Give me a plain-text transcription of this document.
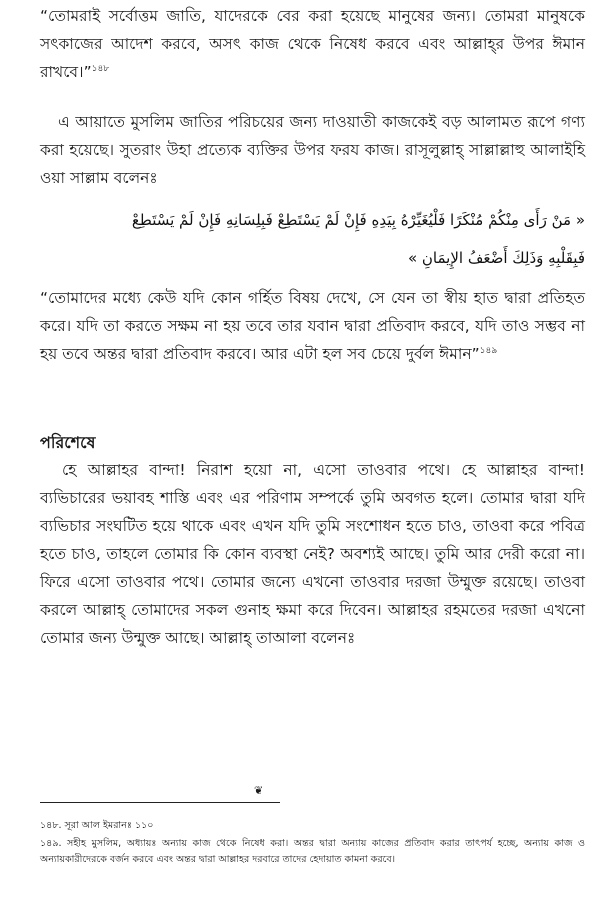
“তোমরাই সর্বোত্তম জাতি, যাদেরকে বের করা হয়েছে মানুষের জন্য। তোমরা মানুষকে সৎকাজের আদেশ করবে, অসৎ কাজ থেকে নিষেধ করবে এবং আল্লাহ্‌র উপর ঈমান রাখবে।”$^{১৪৮}$

এ আয়াতে মুসলিম জাতির পরিচয়ের জন্য দাওয়াতী কাজকেই বড় আলামত রূপে গণ্য করা হয়েছে। সুতরাং উহা প্রত্যেক ব্যক্তির উপর ফরয কাজ। রাসূলুল্লাহ্‌ সাল্লাল্লাহু আলাইহি ওয়া সাল্লাম বলেনঃ

« مَنْ رَأَى مِنْكُمْ مُنْكَرًا فَلْيُغَيِّرْهُ بِيَدِهِ فَإِنْ لَمْ يَسْتَطِعْ فَبِلِسَانِهِ فَإِنْ لَمْ يَسْتَطِعْ

فَبِقَلْبِهِ وَذَلِكَ أَضْعَفُ الإِيمَانِ »

“তোমাদের মধ্যে কেউ যদি কোন গর্হিত বিষয় দেখে, সে যেন তা স্বীয় হাত দ্বারা প্রতিহত করে। যদি তা করতে সক্ষম না হয় তবে তার যবান দ্বারা প্রতিবাদ করবে, যদি তাও সম্ভব না হয় তবে অন্তর দ্বারা প্রতিবাদ করবে। আর এটা হল সব চেয়ে দুর্বল ঈমান”$^{১৪৯}$

পরিশেষে

হে আল্লাহর বান্দা! নিরাশ হয়ো না, এসো তাওবার পথে। হে আল্লাহর বান্দা! ব্যভিচারের ভয়াবহ শাস্তি এবং এর পরিণাম সম্পর্কে তুমি অবগত হলে। তোমার দ্বারা যদি ব্যভিচার সংঘটিত হয়ে থাকে এবং এখন যদি তুমি সংশোধন হতে চাও, তাওবা করে পবিত্র হতে চাও, তাহলে তোমার কি কোন ব্যবস্থা নেই? অবশ্যই আছে। তুমি আর দেরী করো না। ফিরে এসো তাওবার পথে। তোমার জন্যে এখনো তাওবার দরজা উম্মুক্ত রয়েছে। তাওবা করলে আল্লাহ্‌ তোমাদের সকল গুনাহ ক্ষমা করে দিবেন। আল্লাহর রহমতের দরজা এখনো তোমার জন্য উন্মুক্ত আছে। আল্লাহ্‌ তাআলা বলেনঃ

❦

১৪৮. সূরা আল ইমরানঃ ১১০

১৪৯. সহীহ মুসলিম, অধ্যায়ঃ অন্যায় কাজ থেকে নিষেধ করা। অন্তর দ্বারা অন্যায় কাজের প্রতিবাদ করার তাৎপর্য হচ্ছে, অন্যায় কাজ ও অন্যায়কারীদেরকে বর্জন করবে এবং অন্তর দ্বারা আল্লাহর দরবারে তাদের হেদায়াত কামনা করবে।
